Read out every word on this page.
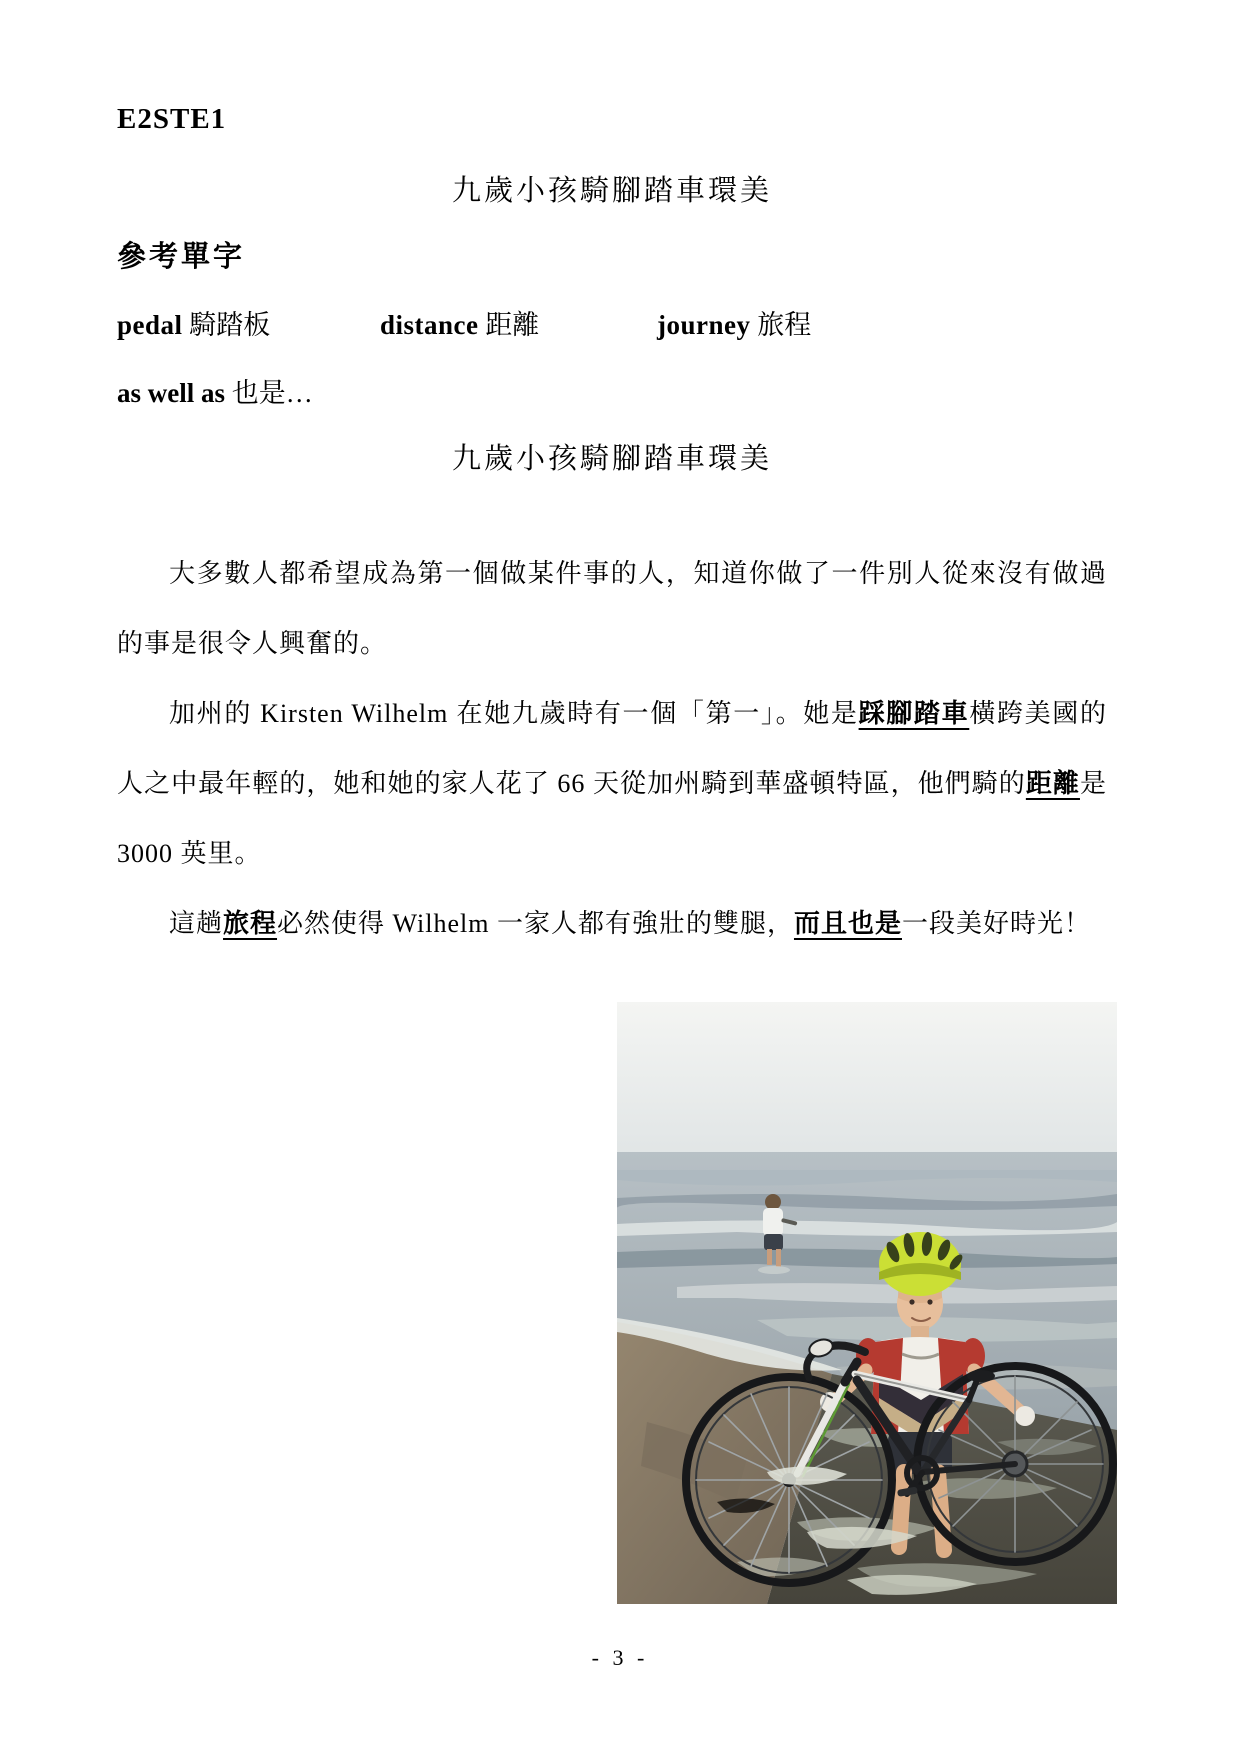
E2STE1
九歲小孩騎腳踏車環美
參考單字
pedal 騎踏板	distance 距離	journey 旅程
as well as 也是…
九歲小孩騎腳踏車環美
大多數人都希望成為第一個做某件事的人，知道你做了一件別人從來沒有做過
的事是很令人興奮的。
加州的 Kirsten Wilhelm 在她九歲時有一個「第一」。她是踩腳踏車橫跨美國的
人之中最年輕的，她和她的家人花了 66 天從加州騎到華盛頓特區，他們騎的距離是
3000 英里。
這趟旅程必然使得 Wilhelm 一家人都有強壯的雙腿，而且也是一段美好時光！
- 3 -
